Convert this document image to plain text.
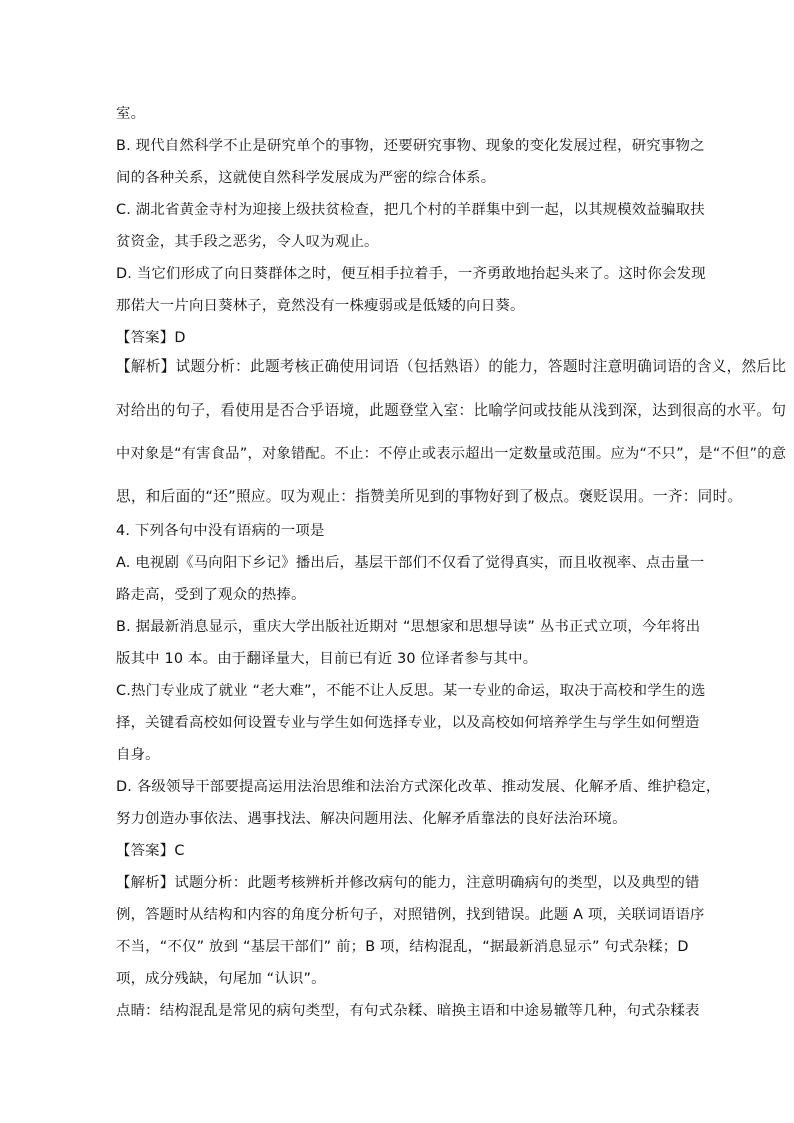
室。
B. 现代自然科学不止是研究单个的事物，还要研究事物、现象的变化发展过程，研究事物之
间的各种关系，这就使自然科学发展成为严密的综合体系。
C. 湖北省黄金寺村为迎接上级扶贫检查，把几个村的羊群集中到一起，以其规模效益骗取扶
贫资金，其手段之恶劣，令人叹为观止。
D. 当它们形成了向日葵群体之时，便互相手拉着手，一齐勇敢地抬起头来了。这时你会发现
那偌大一片向日葵林子，竟然没有一株瘦弱或是低矮的向日葵。
【答案】D
【解析】试题分析：此题考核正确使用词语（包括熟语）的能力，答题时注意明确词语的含义，然后比
对给出的句子，看使用是否合乎语境，此题登堂入室：比喻学问或技能从浅到深，达到很高的水平。句
中对象是“有害食品”，对象错配。不止：不停止或表示超出一定数量或范围。应为“不只”，是“不但”的意
思，和后面的“还”照应。叹为观止：指赞美所见到的事物好到了极点。褒贬误用。一齐：同时。
4. 下列各句中没有语病的一项是
A. 电视剧《马向阳下乡记》播出后，基层干部们不仅看了觉得真实，而且收视率、点击量一
路走高，受到了观众的热捧。
B. 据最新消息显示，重庆大学出版社近期对 “思想家和思想导读” 丛书正式立项，今年将出
版其中 10 本。由于翻译量大，目前已有近 30 位译者参与其中。
C.热门专业成了就业 “老大难”，不能不让人反思。某一专业的命运，取决于高校和学生的选
择，关键看高校如何设置专业与学生如何选择专业，以及高校如何培养学生与学生如何塑造
自身。
D. 各级领导干部要提高运用法治思维和法治方式深化改革、推动发展、化解矛盾、维护稳定，
努力创造办事依法、遇事找法、解决问题用法、化解矛盾靠法的良好法治环境。
【答案】C
【解析】试题分析：此题考核辨析并修改病句的能力，注意明确病句的类型，以及典型的错
例，答题时从结构和内容的角度分析句子，对照错例，找到错误。此题 A 项，关联词语语序
不当，“不仅” 放到 “基层干部们” 前；B 项，结构混乱，“据最新消息显示” 句式杂糅；D
项，成分残缺，句尾加 “认识”。
点睛：结构混乱是常见的病句类型，有句式杂糅、暗换主语和中途易辙等几种，句式杂糅表
